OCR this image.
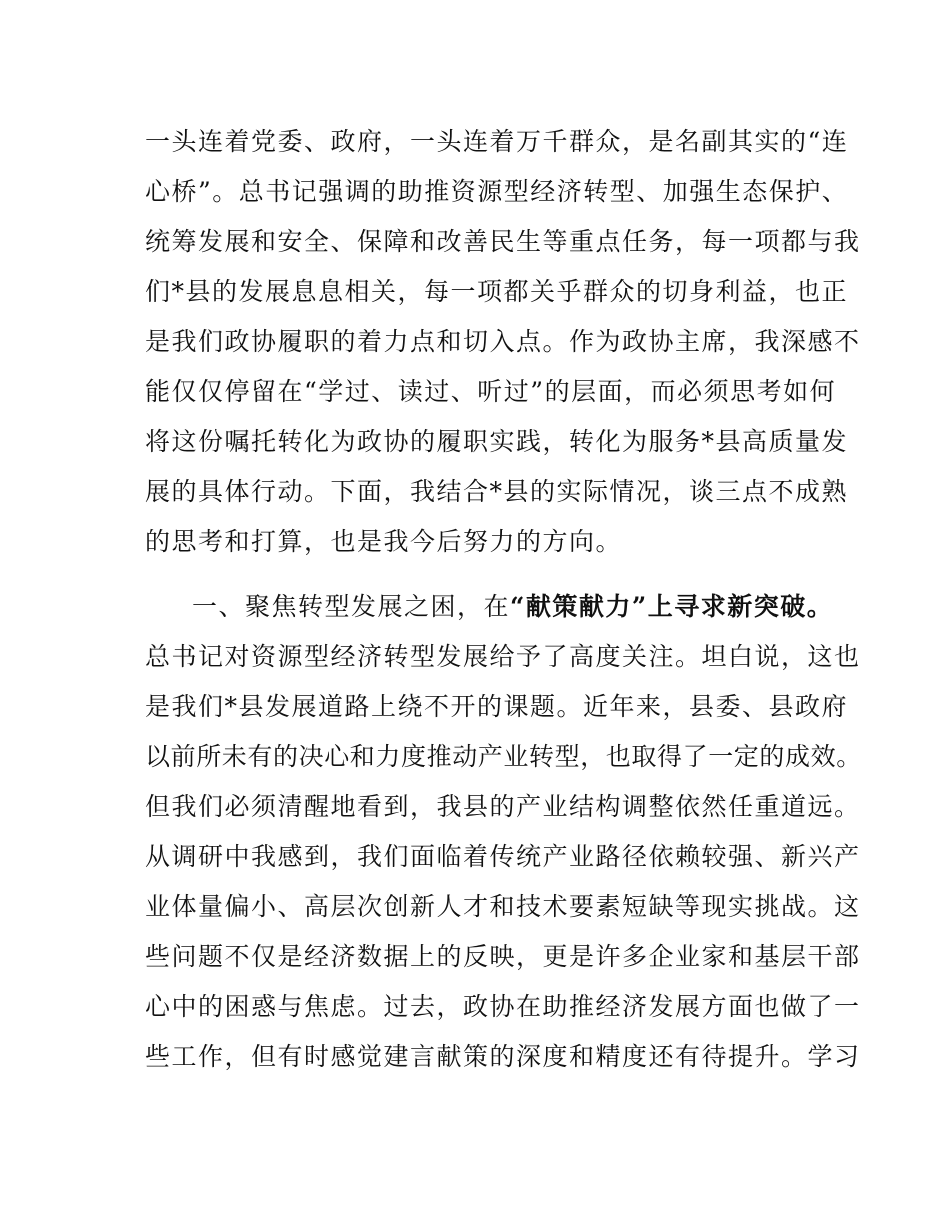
一头连着党委、政府，一头连着万千群众，是名副其实的“连
心桥”。总书记强调的助推资源型经济转型、加强生态保护、
统筹发展和安全、保障和改善民生等重点任务，每一项都与我
们*县的发展息息相关，每一项都关乎群众的切身利益，也正
是我们政协履职的着力点和切入点。作为政协主席，我深感不
能仅仅停留在“学过、读过、听过”的层面，而必须思考如何
将这份嘱托转化为政协的履职实践，转化为服务*县高质量发
展的具体行动。下面，我结合*县的实际情况，谈三点不成熟
的思考和打算，也是我今后努力的方向。
一、聚焦转型发展之困，在“献策献力”上寻求新突破。
总书记对资源型经济转型发展给予了高度关注。坦白说，这也
是我们*县发展道路上绕不开的课题。近年来，县委、县政府
以前所未有的决心和力度推动产业转型，也取得了一定的成效。
但我们必须清醒地看到，我县的产业结构调整依然任重道远。
从调研中我感到，我们面临着传统产业路径依赖较强、新兴产
业体量偏小、高层次创新人才和技术要素短缺等现实挑战。这
些问题不仅是经济数据上的反映，更是许多企业家和基层干部
心中的困惑与焦虑。过去，政协在助推经济发展方面也做了一
些工作，但有时感觉建言献策的深度和精度还有待提升。学习
